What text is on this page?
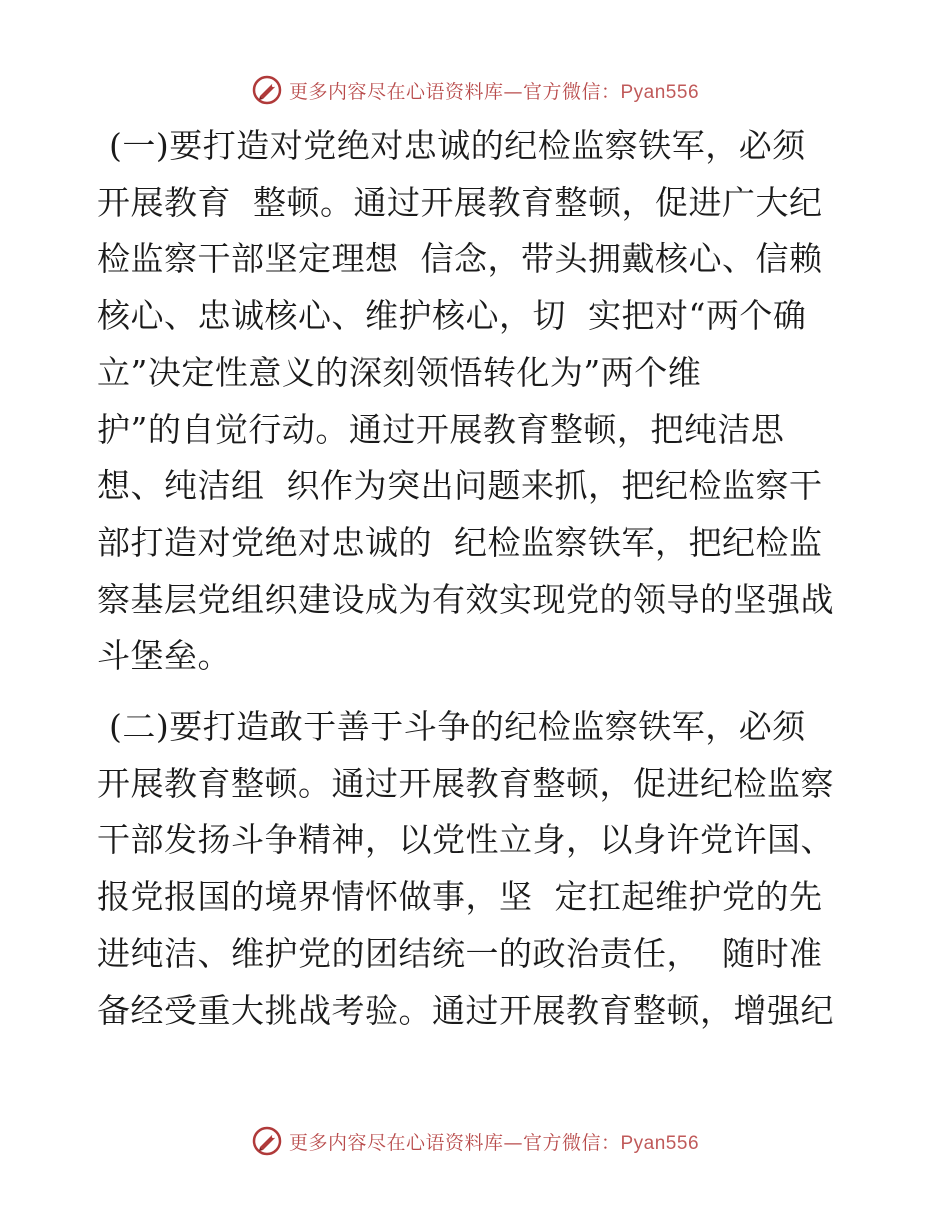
更多内容尽在心语资料库—官方微信：Pyan556
(一)要打造对党绝对忠诚的纪检监察铁军，必须
开展教育  整顿。通过开展教育整顿，促进广大纪
检监察干部坚定理想  信念，带头拥戴核心、信赖
核心、忠诚核心、维护核心，切  实把对“两个确
立”决定性意义的深刻领悟转化为”两个维
护”的自觉行动。通过开展教育整顿，把纯洁思
想、纯洁组  织作为突出问题来抓，把纪检监察干
部打造对党绝对忠诚的  纪检监察铁军，把纪检监
察基层党组织建设成为有效实现党的领导的坚强战
斗堡垒。
(二)要打造敢于善于斗争的纪检监察铁军，必须
开展教育整顿。通过开展教育整顿，促进纪检监察
干部发扬斗争精神，以党性立身，以身许党许国、
报党报国的境界情怀做事，坚  定扛起维护党的先
进纯洁、维护党的团结统一的政治责任，  随时准
备经受重大挑战考验。通过开展教育整顿，增强纪
更多内容尽在心语资料库—官方微信：Pyan556
